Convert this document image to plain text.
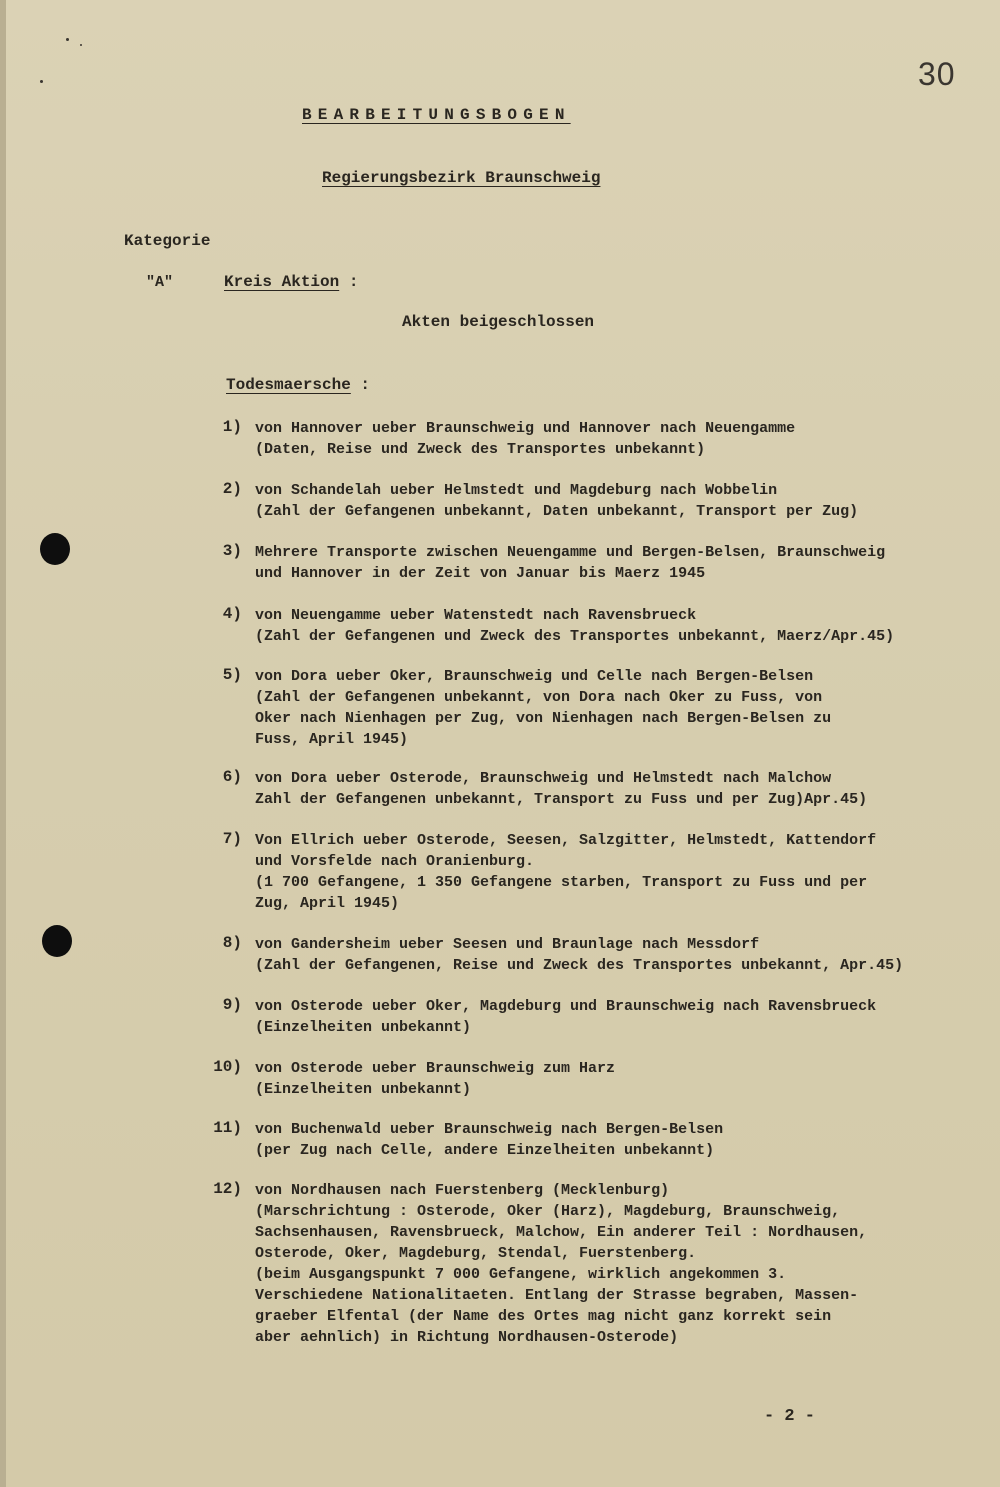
30
BEARBEITUNGSBOGEN
Regierungsbezirk Braunschweig
Kategorie
"A"	Kreis Aktion :
Akten beigeschlossen
Todesmaersche :
1) von Hannover ueber Braunschweig und Hannover nach Neuengamme
(Daten, Reise und Zweck des Transportes unbekannt)
2) von Schandelah ueber Helmstedt und Magdeburg nach Wobbelin
(Zahl der Gefangenen unbekannt, Daten unbekannt, Transport per Zug)
3) Mehrere Transporte zwischen Neuengamme und Bergen-Belsen, Braunschweig
und Hannover in der Zeit von Januar bis Maerz 1945
4) von Neuengamme ueber Watenstedt nach Ravensbrueck
(Zahl der Gefangenen und Zweck des Transportes unbekannt, Maerz/Apr.45)
5) von Dora ueber Oker, Braunschweig und Celle nach Bergen-Belsen
(Zahl der Gefangenen unbekannt, von Dora nach Oker zu Fuss, von
Oker nach Nienhagen per Zug, von Nienhagen nach Bergen-Belsen zu
Fuss, April 1945)
6) von Dora ueber Osterode, Braunschweig und Helmstedt nach Malchow
Zahl der Gefangenen unbekannt, Transport zu Fuss und per Zug)Apr.45)
7) Von Ellrich ueber Osterode, Seesen, Salzgitter, Helmstedt, Kattendorf
und Vorsfelde nach Oranienburg.
(1 700 Gefangene, 1 350 Gefangene starben, Transport zu Fuss und per
Zug, April 1945)
8) von Gandersheim ueber Seesen und Braunlage nach Messdorf
(Zahl der Gefangenen, Reise und Zweck des Transportes unbekannt, Apr.45)
9) von Osterode ueber Oker, Magdeburg und Braunschweig nach Ravensbrueck
(Einzelheiten unbekannt)
10) von Osterode ueber Braunschweig zum Harz
(Einzelheiten unbekannt)
11) von Buchenwald ueber Braunschweig nach Bergen-Belsen
(per Zug nach Celle, andere Einzelheiten unbekannt)
12) von Nordhausen nach Fuerstenberg (Mecklenburg)
(Marschrichtung : Osterode, Oker (Harz), Magdeburg, Braunschweig,
Sachsenhausen, Ravensbrueck, Malchow, Ein anderer Teil : Nordhausen,
Osterode, Oker, Magdeburg, Stendal, Fuerstenberg.
(beim Ausgangspunkt 7 000 Gefangene, wirklich angekommen 3.
Verschiedene Nationalitaeten. Entlang der Strasse begraben, Massen-
graeber Elfental (der Name des Ortes mag nicht ganz korrekt sein
aber aehnlich) in Richtung Nordhausen-Osterode)
- 2 -
